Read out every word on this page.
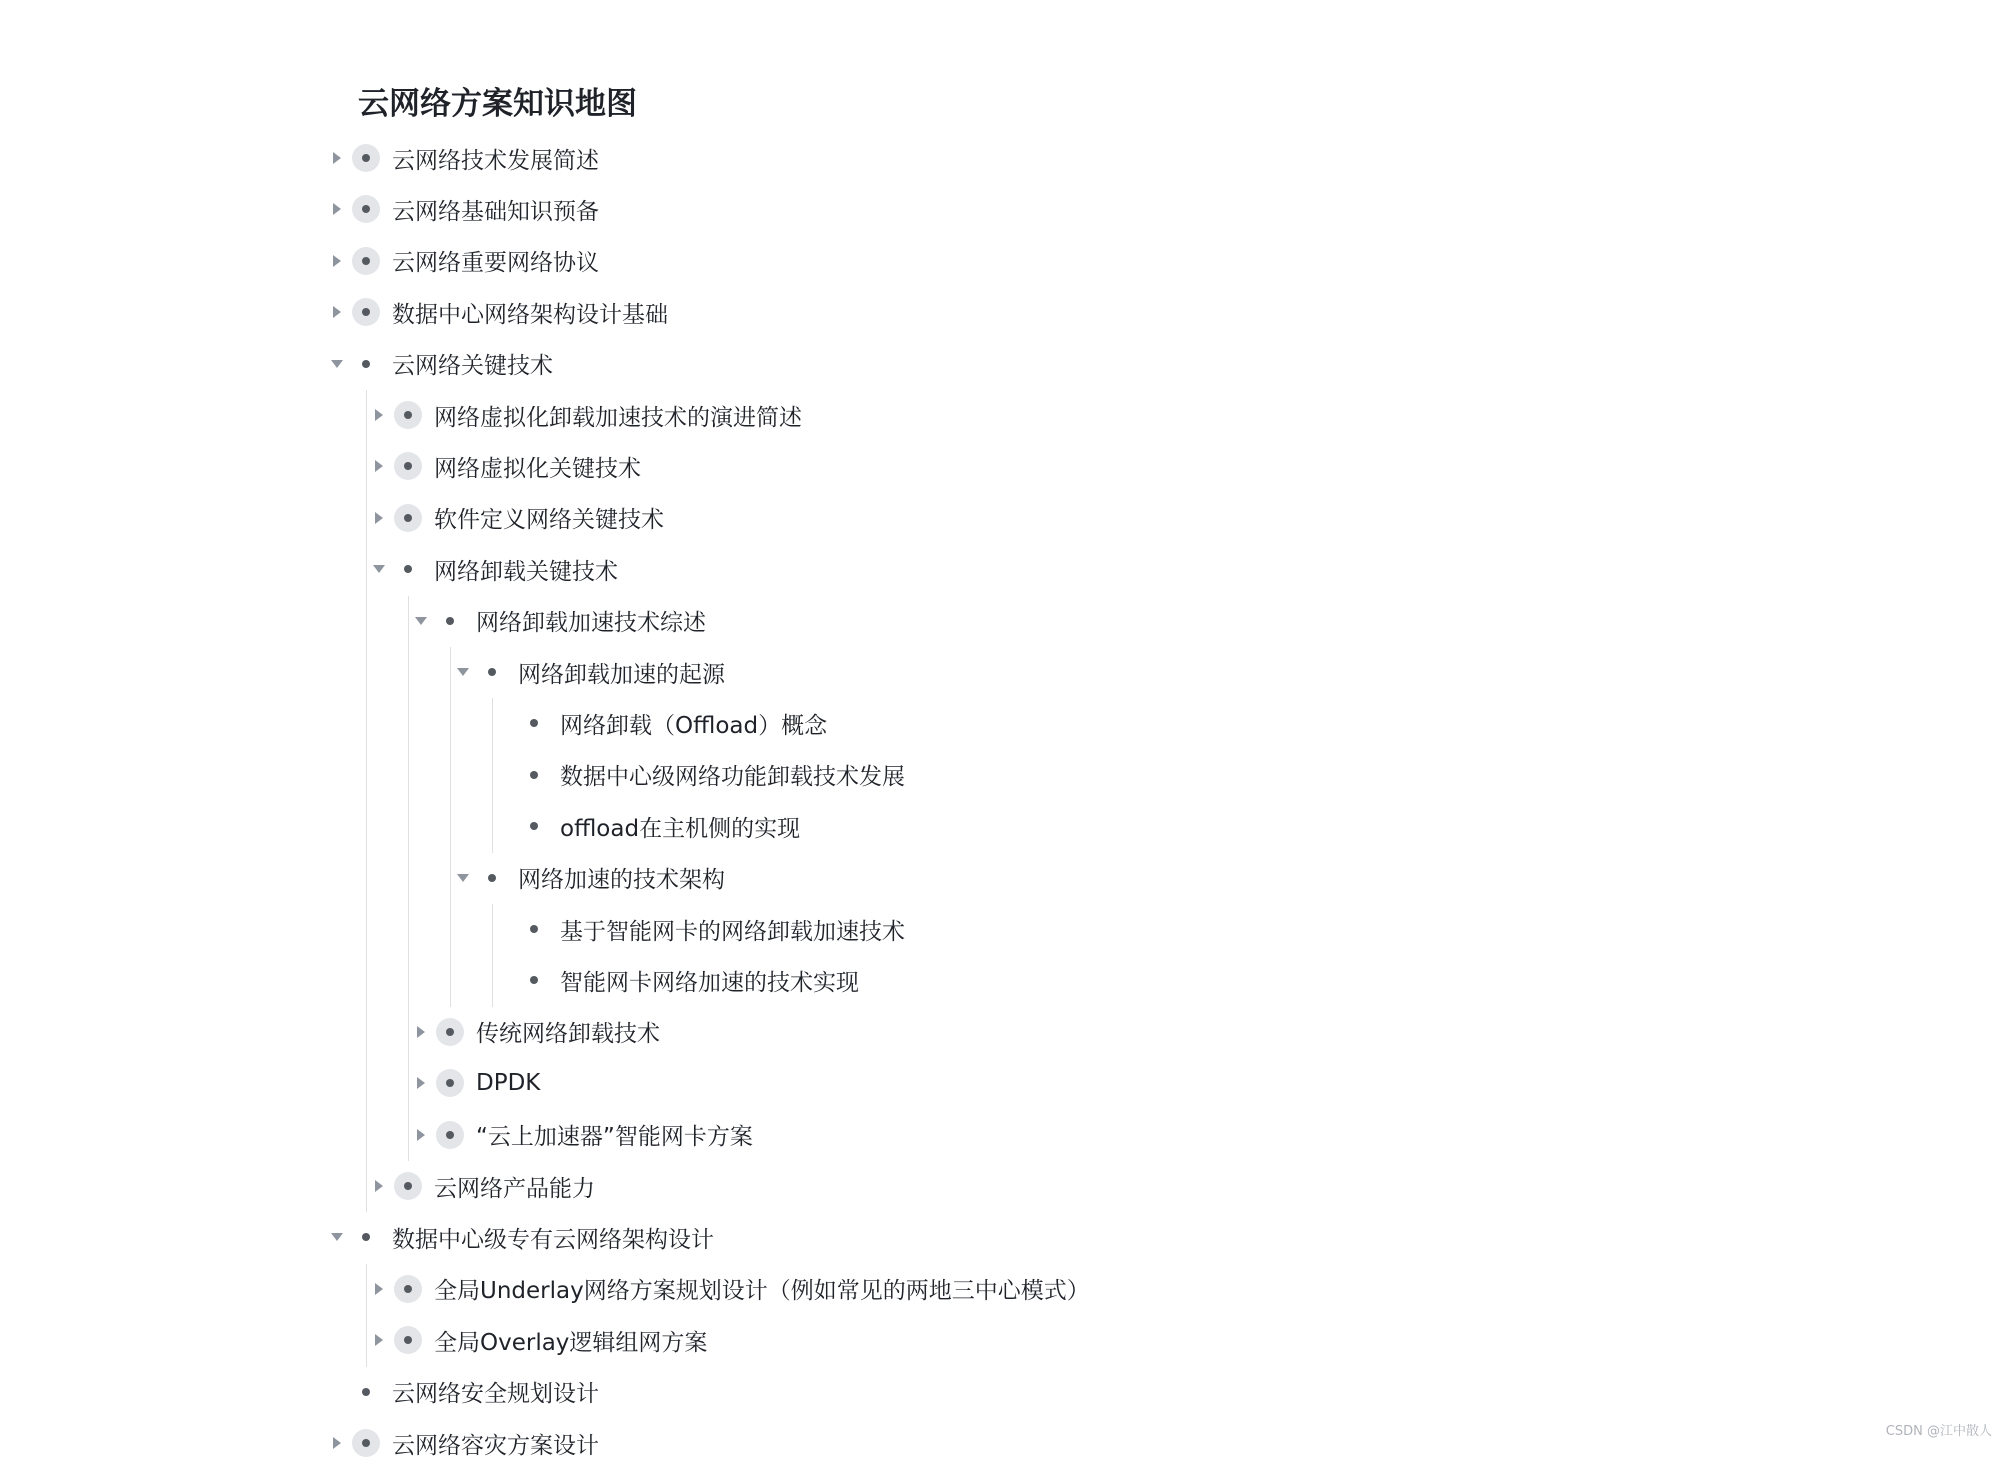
云网络方案知识地图
云网络技术发展简述
云网络基础知识预备
云网络重要网络协议
数据中心网络架构设计基础
云网络关键技术
网络虚拟化卸载加速技术的演进简述
网络虚拟化关键技术
软件定义网络关键技术
网络卸载关键技术
网络卸载加速技术综述
网络卸载加速的起源
网络卸载（Offload）概念
数据中心级网络功能卸载技术发展
offload在主机侧的实现
网络加速的技术架构
基于智能网卡的网络卸载加速技术
智能网卡网络加速的技术实现
传统网络卸载技术
DPDK
“云上加速器”智能网卡方案
云网络产品能力
数据中心级专有云网络架构设计
全局Underlay网络方案规划设计（例如常见的两地三中心模式）
全局Overlay逻辑组网方案
云网络安全规划设计
云网络容灾方案设计
CSDN @江中散人
